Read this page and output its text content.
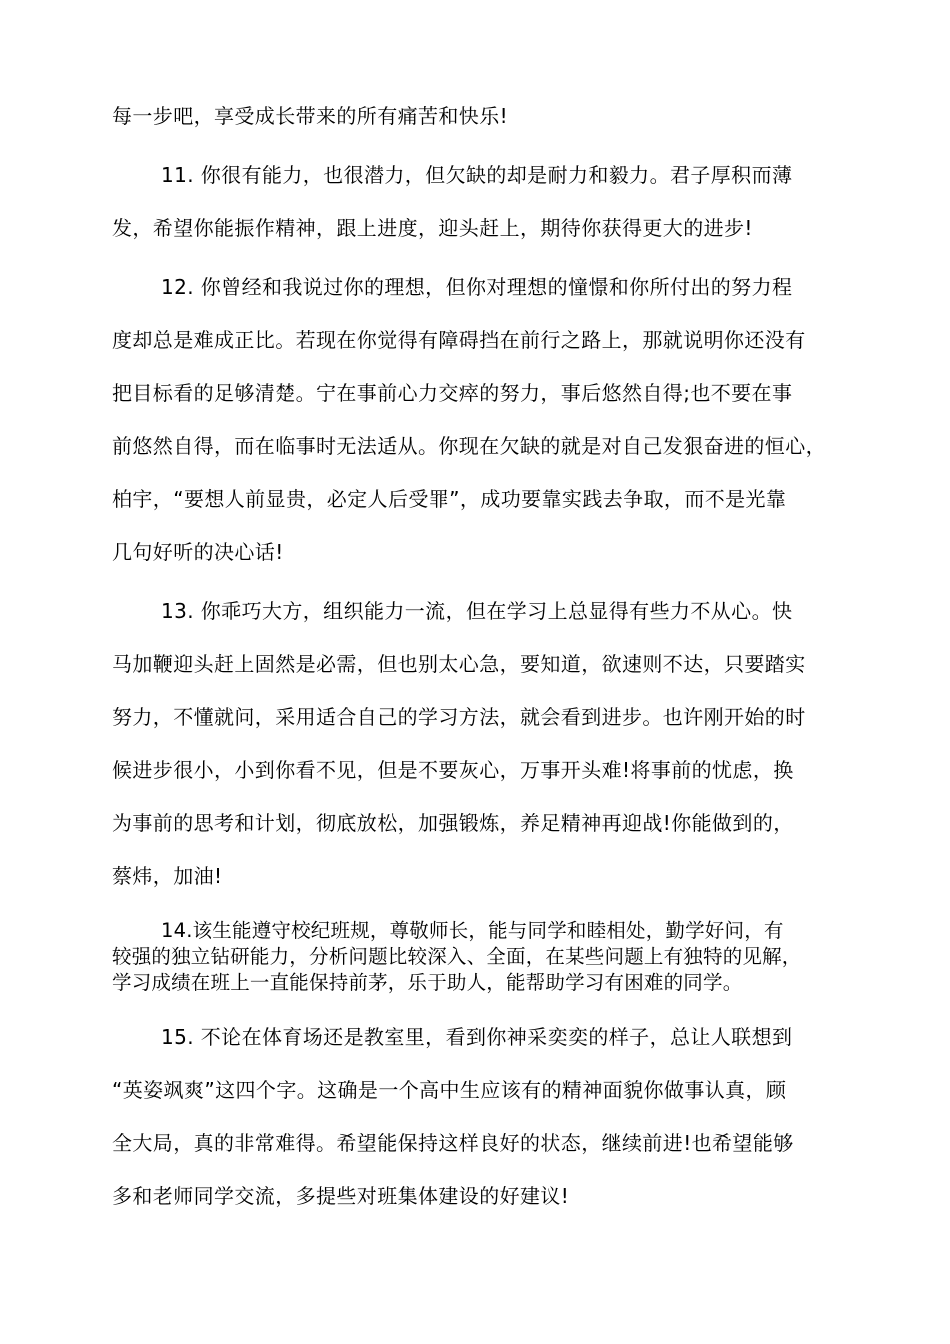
每一步吧，享受成长带来的所有痛苦和快乐!
11. 你很有能力，也很潜力，但欠缺的却是耐力和毅力。君子厚积而薄
发，希望你能振作精神，跟上进度，迎头赶上，期待你获得更大的进步!
12. 你曾经和我说过你的理想，但你对理想的憧憬和你所付出的努力程
度却总是难成正比。若现在你觉得有障碍挡在前行之路上，那就说明你还没有
把目标看的足够清楚。宁在事前心力交瘁的努力，事后悠然自得;也不要在事
前悠然自得，而在临事时无法适从。你现在欠缺的就是对自己发狠奋进的恒心，
柏宇，“要想人前显贵，必定人后受罪”，成功要靠实践去争取，而不是光靠
几句好听的决心话!
13. 你乖巧大方，组织能力一流，但在学习上总显得有些力不从心。快
马加鞭迎头赶上固然是必需，但也别太心急，要知道，欲速则不达，只要踏实
努力，不懂就问，采用适合自己的学习方法，就会看到进步。也许刚开始的时
候进步很小，小到你看不见，但是不要灰心，万事开头难!将事前的忧虑，换
为事前的思考和计划，彻底放松，加强锻炼，养足精神再迎战!你能做到的，
蔡炜，加油!
14.该生能遵守校纪班规，尊敬师长，能与同学和睦相处，勤学好问，有
较强的独立钻研能力，分析问题比较深入、全面，在某些问题上有独特的见解，
学习成绩在班上一直能保持前茅，乐于助人，能帮助学习有困难的同学。
15. 不论在体育场还是教室里，看到你神采奕奕的样子，总让人联想到
“英姿飒爽”这四个字。这确是一个高中生应该有的精神面貌你做事认真，顾
全大局，真的非常难得。希望能保持这样良好的状态，继续前进!也希望能够
多和老师同学交流，多提些对班集体建设的好建议!
